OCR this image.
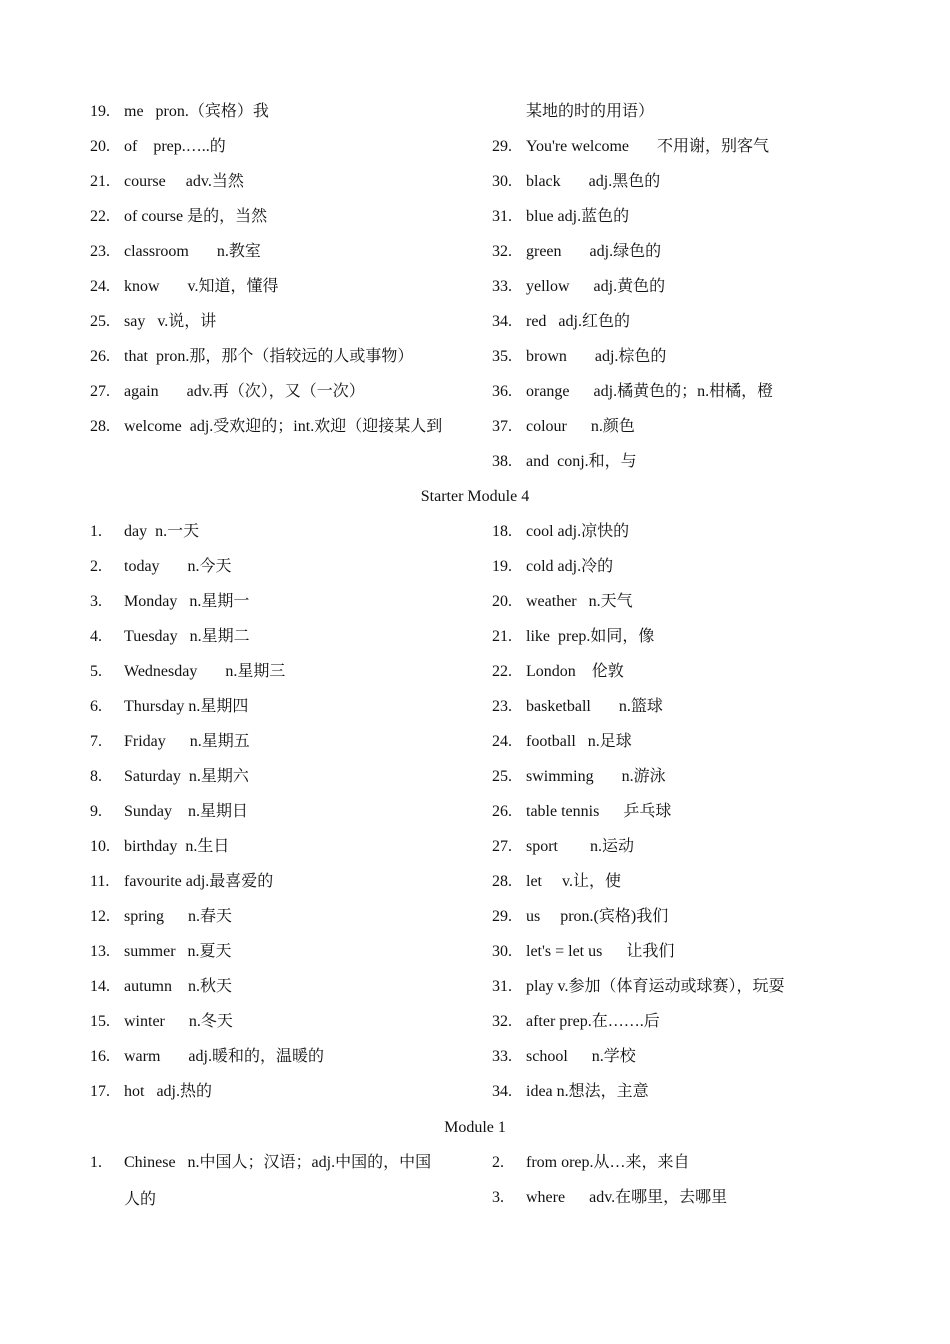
19. me   pron.（宾格）我
20. of    prep.…..的
21. course     adv.当然
22. of course 是的，当然
23. classroom       n.教室
24. know       v.知道，懂得
25. say   v.说，讲
26. that  pron.那，那个（指较远的人或事物）
27. again       adv.再（次），又（一次）
28. welcome  adj.受欢迎的；int.欢迎（迎接某人到
某地的时的用语）
29. You're welcome       不用谢，别客气
30. black       adj.黑色的
31. blue adj.蓝色的
32. green       adj.绿色的
33. yellow      adj.黄色的
34. red   adj.红色的
35. brown       adj.棕色的
36. orange      adj.橘黄色的；n.柑橘，橙
37. colour      n.颜色
38. and  conj.和，与
Starter Module 4
1. day  n.一天
2. today       n.今天
3. Monday   n.星期一
4. Tuesday   n.星期二
5. Wednesday       n.星期三
6. Thursday n.星期四
7. Friday      n.星期五
8. Saturday  n.星期六
9. Sunday    n.星期日
10. birthday  n.生日
11. favourite adj.最喜爱的
12. spring      n.春天
13. summer   n.夏天
14. autumn    n.秋天
15. winter      n.冬天
16. warm       adj.暖和的，温暖的
17. hot   adj.热的
18. cool adj.凉快的
19. cold adj.冷的
20. weather   n.天气
21. like  prep.如同，像
22. London    伦敦
23. basketball       n.篮球
24. football   n.足球
25. swimming       n.游泳
26. table tennis      乒乓球
27. sport        n.运动
28. let     v.让，使
29. us     pron.(宾格)我们
30. let's = let us      让我们
31. play v.参加（体育运动或球赛），玩耍
32. after prep.在…….后
33. school      n.学校
34. idea n.想法，主意
Module 1
1. Chinese   n.中国人；汉语；adj.中国的，中国
人的
2. from orep.从…来，来自
3. where      adv.在哪里，去哪里
